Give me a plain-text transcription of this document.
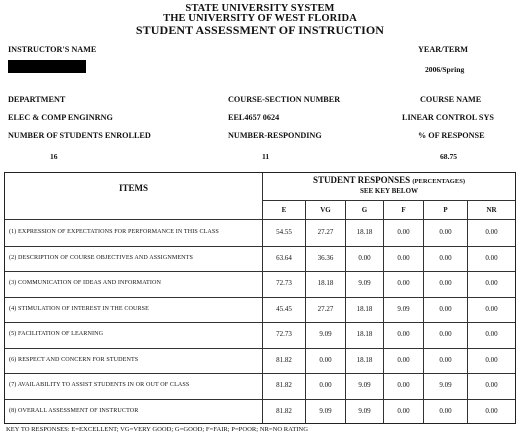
STATE UNIVERSITY SYSTEM
THE UNIVERSITY OF WEST FLORIDA
STUDENT ASSESSMENT OF INSTRUCTION
INSTRUCTOR'S NAME	YEAR/TERM
2006/Spring
DEPARTMENT	COURSE-SECTION NUMBER	COURSE NAME
ELEC & COMP ENGINRNG	EEL4657 0624	LINEAR CONTROL SYS
NUMBER OF STUDENTS ENROLLED	NUMBER-RESPONDING	% OF RESPONSE
16	11	68.75
ITEMS
STUDENT RESPONSES (PERCENTAGES)
SEE KEY BELOW
E	VG	G	F	P	NR
(1) EXPRESSION OF EXPECTATIONS FOR PERFORMANCE IN THIS CLASS	54.55	27.27	18.18	0.00	0.00	0.00
(2) DESCRIPTION OF COURSE OBJECTIVES AND ASSIGNMENTS	63.64	36.36	0.00	0.00	0.00	0.00
(3) COMMUNICATION OF IDEAS AND INFORMATION	72.73	18.18	9.09	0.00	0.00	0.00
(4) STIMULATION OF INTEREST IN THE COURSE	45.45	27.27	18.18	9.09	0.00	0.00
(5) FACILITATION OF LEARNING	72.73	9.09	18.18	0.00	0.00	0.00
(6) RESPECT AND CONCERN FOR STUDENTS	81.82	0.00	18.18	0.00	0.00	0.00
(7) AVAILABILITY TO ASSIST STUDENTS IN OR OUT OF CLASS	81.82	0.00	9.09	0.00	9.09	0.00
(8) OVERALL ASSESSMENT OF INSTRUCTOR	81.82	9.09	9.09	0.00	0.00	0.00
KEY TO RESPONSES: E=EXCELLENT; VG=VERY GOOD; G=GOOD; F=FAIR; P=POOR; NR=NO RATING
